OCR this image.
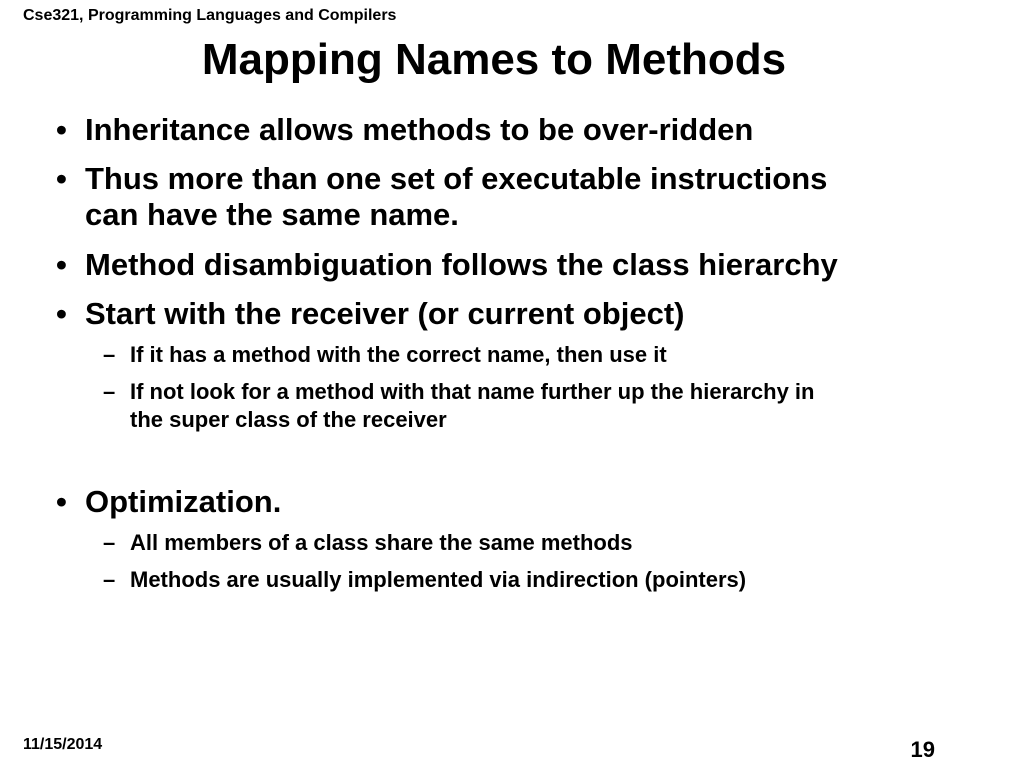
Cse321, Programming Languages and Compilers
Mapping Names to Methods
• Inheritance allows methods to be over-ridden
• Thus more than one set of executable instructions
can have the same name.
• Method disambiguation follows the class hierarchy
• Start with the receiver (or current object)
– If it has a method with the correct name, then use it
– If not look for a method with that name further up the hierarchy in
the super class of the receiver
• Optimization.
– All members of a class share the same methods
– Methods are usually implemented via indirection (pointers)
11/15/2014	19
